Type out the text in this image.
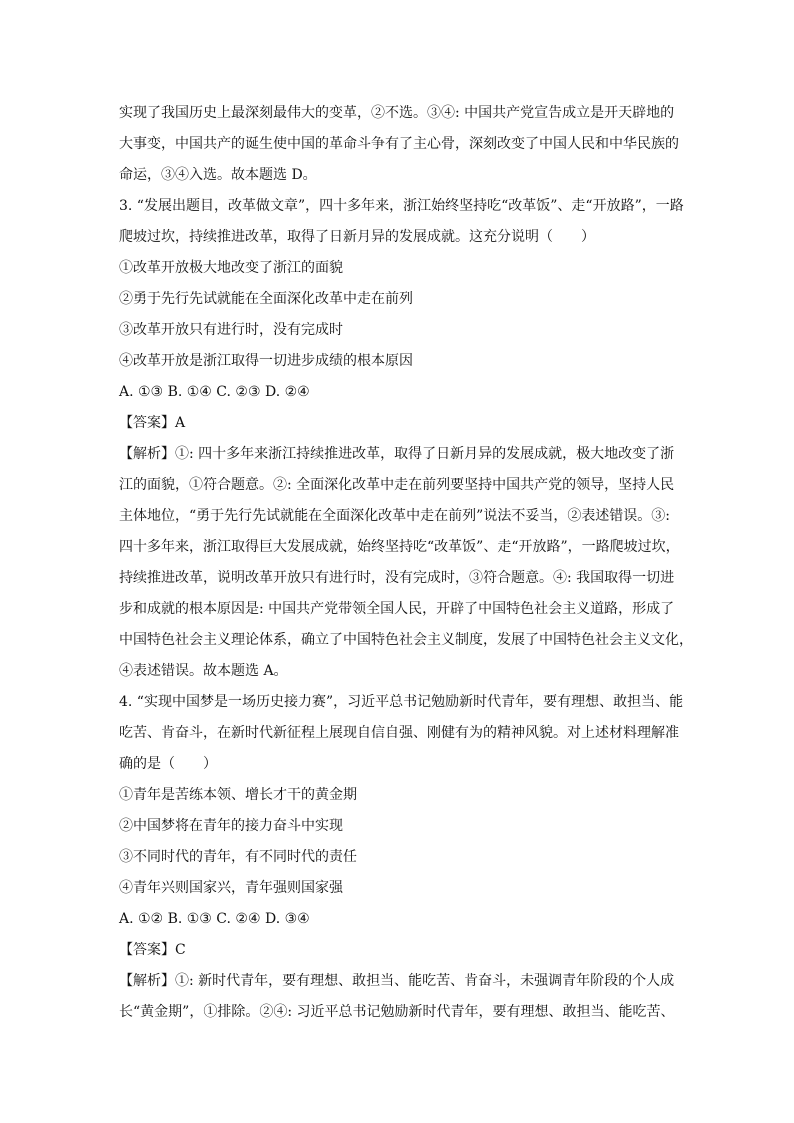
实现了我国历史上最深刻最伟大的变革，②不选。③④: 中国共产党宣告成立是开天辟地的
大事变，中国共产的诞生使中国的革命斗争有了主心骨，深刻改变了中国人民和中华民族的
命运，③④入选。故本题选 D。
3. “发展出题目，改革做文章”，四十多年来，浙江始终坚持吃“改革饭”、走“开放路”，一路
爬坡过坎，持续推进改革，取得了日新月异的发展成就。这充分说明（　　）
①改革开放极大地改变了浙江的面貌
②勇于先行先试就能在全面深化改革中走在前列
③改革开放只有进行时，没有完成时
④改革开放是浙江取得一切进步成绩的根本原因
A. ①③ B. ①④ C. ②③ D. ②④
【答案】A
【解析】①: 四十多年来浙江持续推进改革，取得了日新月异的发展成就，极大地改变了浙
江的面貌，①符合题意。②: 全面深化改革中走在前列要坚持中国共产党的领导，坚持人民
主体地位，“勇于先行先试就能在全面深化改革中走在前列”说法不妥当，②表述错误。③:
四十多年来，浙江取得巨大发展成就，始终坚持吃“改革饭”、走“开放路”，一路爬坡过坎，
持续推进改革，说明改革开放只有进行时，没有完成时，③符合题意。④: 我国取得一切进
步和成就的根本原因是: 中国共产党带领全国人民，开辟了中国特色社会主义道路，形成了
中国特色社会主义理论体系，确立了中国特色社会主义制度，发展了中国特色社会主义文化，
④表述错误。故本题选 A。
4. “实现中国梦是一场历史接力赛”，习近平总书记勉励新时代青年，要有理想、敢担当、能
吃苦、肯奋斗，在新时代新征程上展现自信自强、刚健有为的精神风貌。对上述材料理解准
确的是（　　）
①青年是苦练本领、增长才干的黄金期
②中国梦将在青年的接力奋斗中实现
③不同时代的青年，有不同时代的责任
④青年兴则国家兴，青年强则国家强
A. ①② B. ①③ C. ②④ D. ③④
【答案】C
【解析】①: 新时代青年，要有理想、敢担当、能吃苦、肯奋斗，未强调青年阶段的个人成
长“黄金期”，①排除。②④: 习近平总书记勉励新时代青年，要有理想、敢担当、能吃苦、
